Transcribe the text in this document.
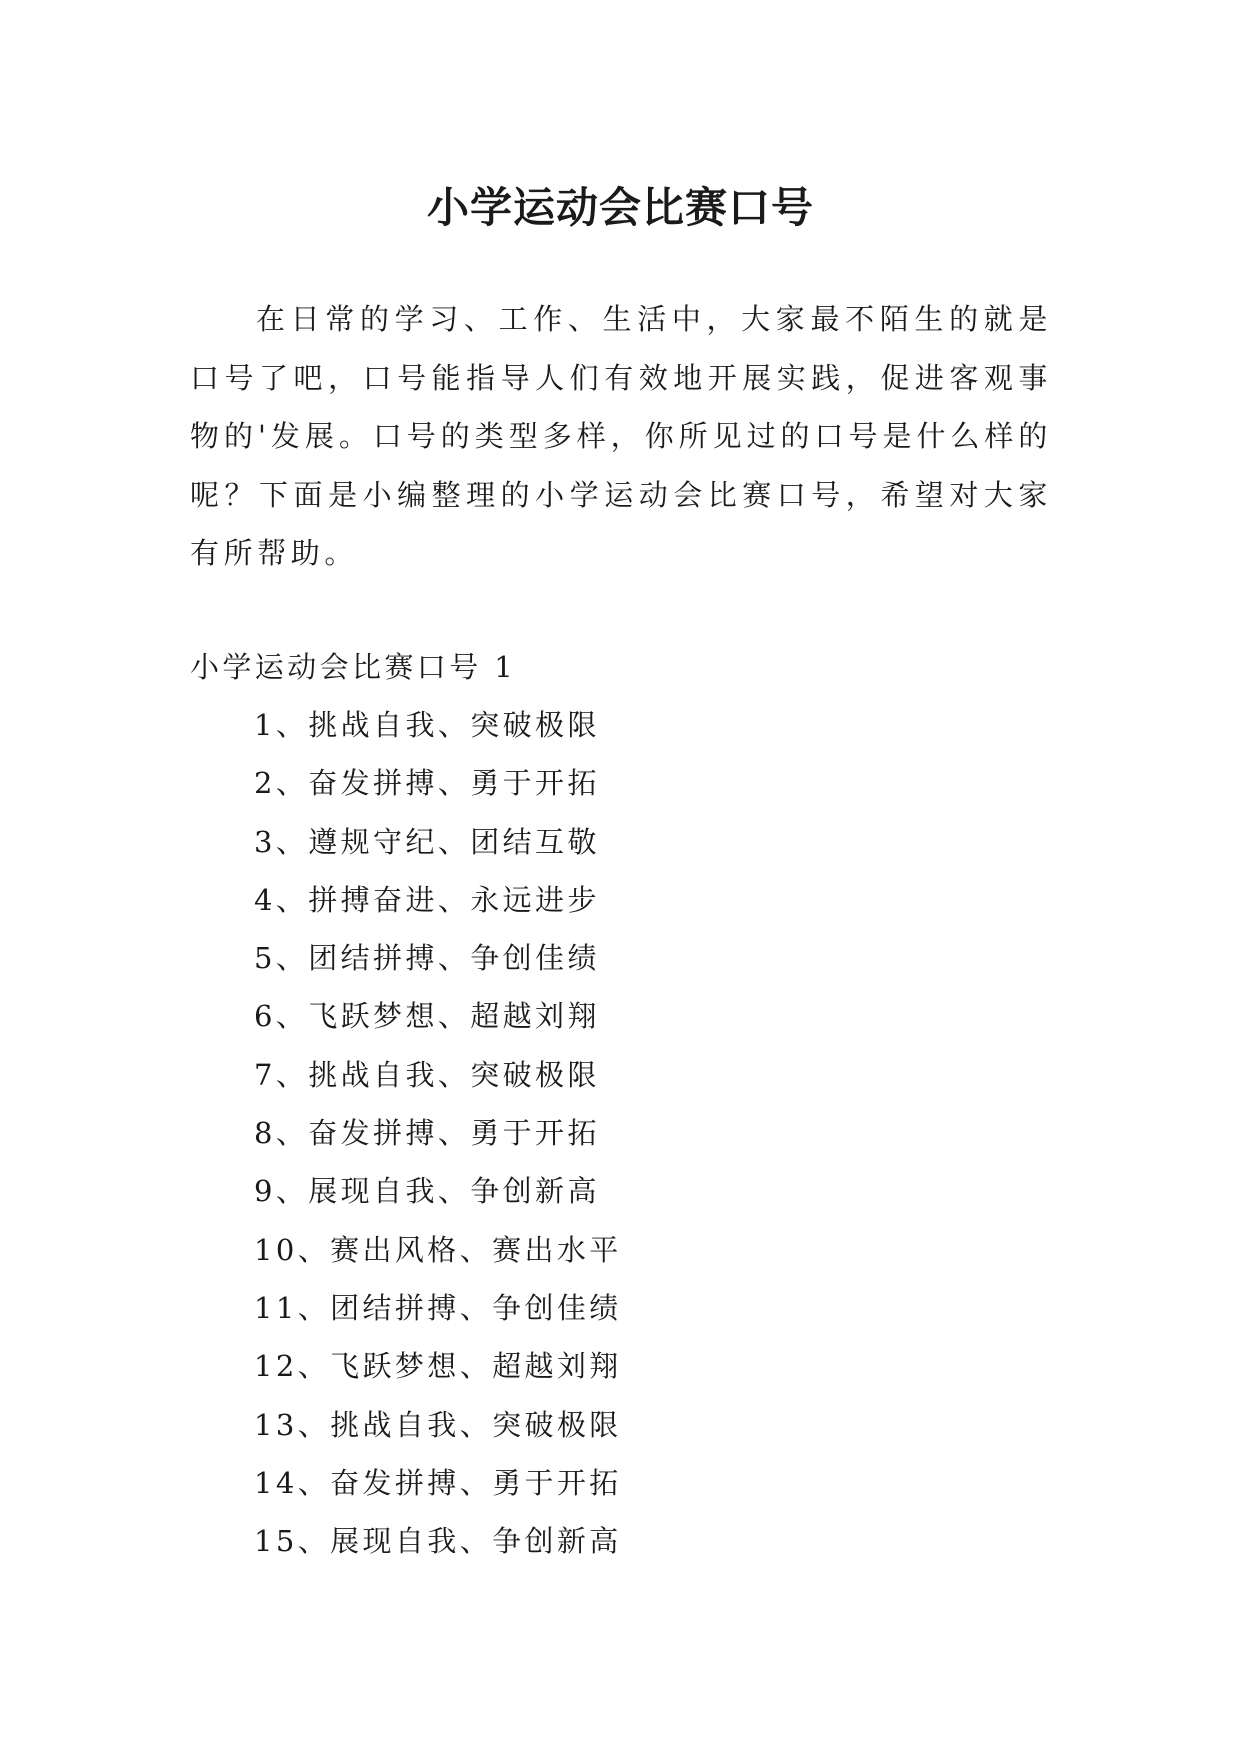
小学运动会比赛口号

在日常的学习、工作、生活中，大家最不陌生的就是口号了吧，口号能指导人们有效地开展实践，促进客观事物的'发展。口号的类型多样，你所见过的口号是什么样的呢？下面是小编整理的小学运动会比赛口号，希望对大家有所帮助。

小学运动会比赛口号 1

1、挑战自我、突破极限
2、奋发拼搏、勇于开拓
3、遵规守纪、团结互敬
4、拼搏奋进、永远进步
5、团结拼搏、争创佳绩
6、飞跃梦想、超越刘翔
7、挑战自我、突破极限
8、奋发拼搏、勇于开拓
9、展现自我、争创新高
10、赛出风格、赛出水平
11、团结拼搏、争创佳绩
12、飞跃梦想、超越刘翔
13、挑战自我、突破极限
14、奋发拼搏、勇于开拓
15、展现自我、争创新高
